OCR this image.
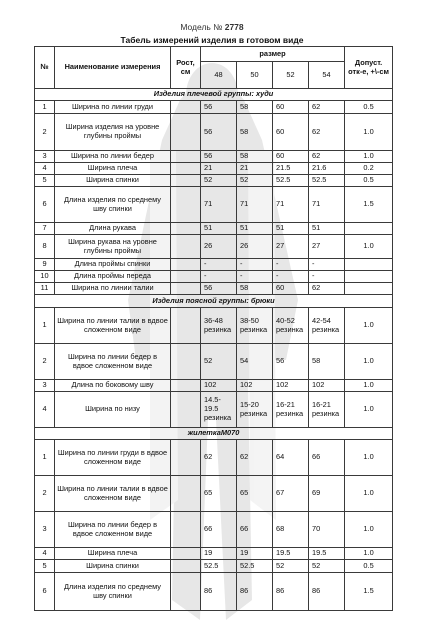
Модель № 2778
Табель измерений изделия в готовом виде
№	Наименование измерения	Рост, см	размер				Допуст. отк-е, +\-см
			48	50	52	54	
Изделия плечевой группы: худи							
1	Ширина по линии груди		56	58	60	62	0.5
2	Ширина изделия на уровне глубины проймы		56	58	60	62	1.0
3	Ширина по линии бедер		56	58	60	62	1.0
4	Ширина плеча		21	21	21.5	21.6	0.2
5	Ширина спинки		52	52	52.5	52.5	0.5
6	Длина изделия по среднему шву спинки		71	71	71	71	1.5
7	Длина рукава		51	51	51	51	
8	Ширина рукава на уровне глубины проймы		26	26	27	27	1.0
9	Длина проймы спинки		-	-	-	-	
10	Длина проймы переда		-	-	-	-	
11	Ширина по линии талии		56	58	60	62	
Изделия поясной группы: брюки							
1	Ширина по линии талии в вдвое сложенном виде		36-48 резинка	38-50 резинка	40-52 резинка	42-54 резинка	1.0
2	Ширина по линии бедер в вдвое сложенном виде		52	54	56	58	1.0
3	Длина по боковому шву		102	102	102	102	1.0
4	Ширина по низу		14.5-19.5 резинка	15-20 резинка	16-21 резинка	16-21 резинка	1.0
жилеткаМ070							
1	Ширина по линии груди в вдвое сложенном виде		62	62	64	66	1.0
2	Ширина по линии талии в вдвое сложенном виде		65	65	67	69	1.0
3	Ширина по линии бедер в вдвое сложенном виде		66	66	68	70	1.0
4	Ширина плеча		19	19	19.5	19.5	1.0
5	Ширина спинки		52.5	52.5	52	52	0.5
6	Длина изделия по среднему шву спинки		86	86	86	86	1.5
